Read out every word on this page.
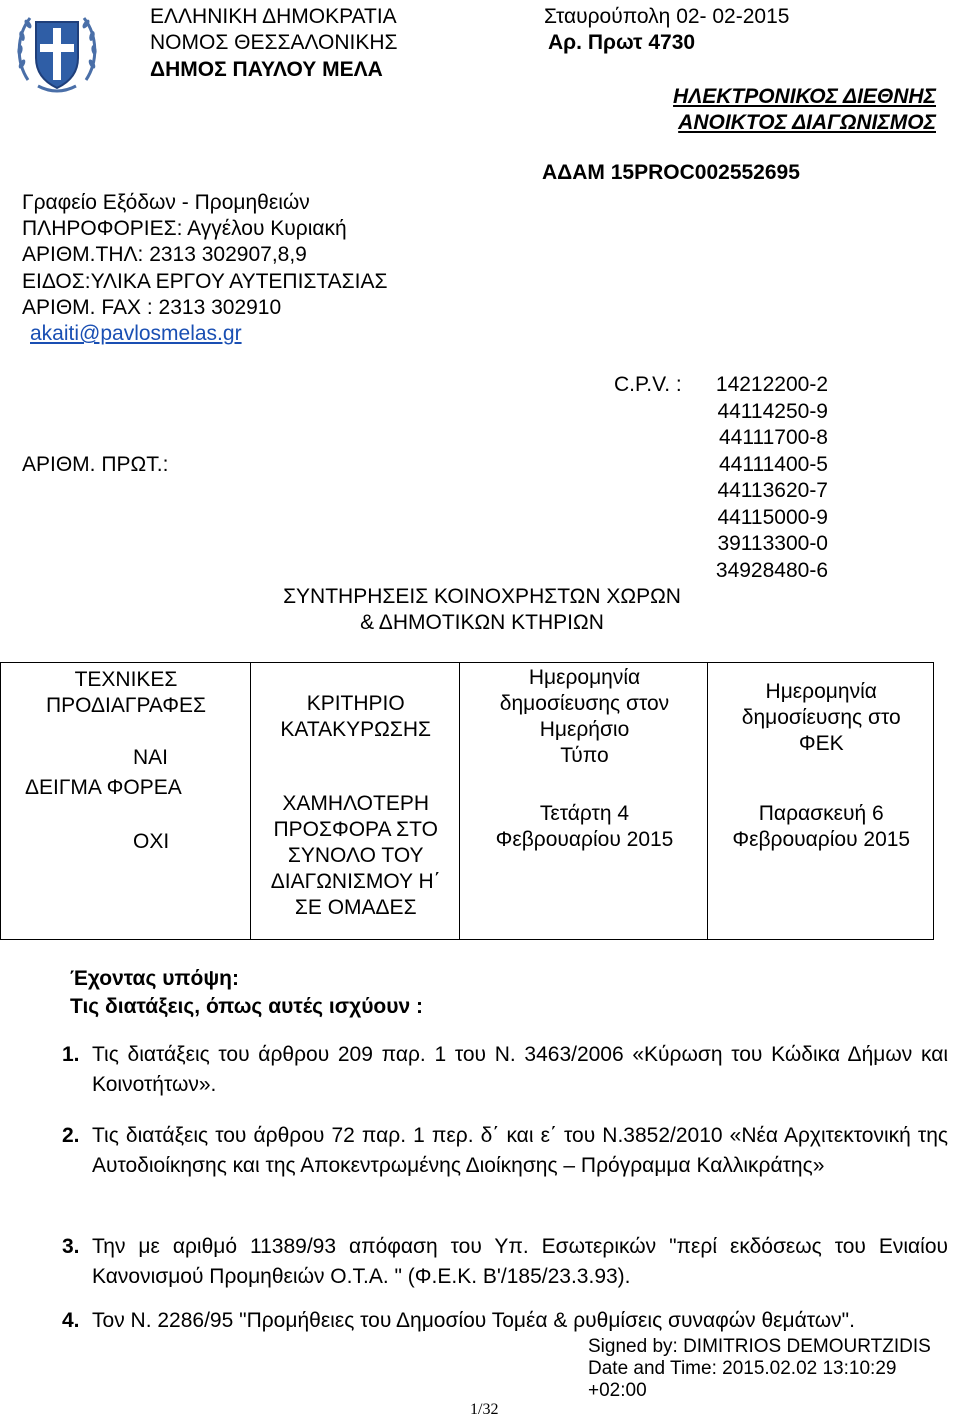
ΕΛΛΗΝΙΚΗ ΔΗΜΟΚΡΑΤΙΑ
ΝΟΜΟΣ ΘΕΣΣΑΛΟΝΙΚΗΣ
ΔΗΜΟΣ ΠΑΥΛΟΥ ΜΕΛΑ
Σταυρούπολη 02- 02-2015
Αρ. Πρωτ 4730
ΗΛΕΚΤΡΟΝΙΚΟΣ ΔΙΕΘΝΗΣ
ΑΝΟΙΚΤΟΣ ΔΙΑΓΩΝΙΣΜΟΣ
ΑΔΑΜ 15PROC002552695
Γραφείο Εξόδων - Προμηθειών
ΠΛΗΡΟΦΟΡΙΕΣ: Αγγέλου Κυριακή
ΑΡΙΘΜ.ΤΗΛ: 2313 302907,8,9
ΕΙΔΟΣ:ΥΛΙΚΑ ΕΡΓΟΥ ΑΥΤΕΠΙΣΤΑΣΙΑΣ
ΑΡΙΘΜ. FAX : 2313 302910
akaiti@pavlosmelas.gr
C.P.V. : 14212200-2
44114250-9
44111700-8
44111400-5
44113620-7
44115000-9
39113300-0
34928480-6
ΑΡΙΘΜ. ΠΡΩΤ.:
ΣΥΝΤΗΡΗΣΕΙΣ ΚΟΙΝΟΧΡΗΣΤΩΝ ΧΩΡΩΝ
& ΔΗΜΟΤΙΚΩΝ ΚΤΗΡΙΩΝ
ΤΕΧΝΙΚΕΣ
ΠΡΟΔΙΑΓΡΑΦΕΣ
ΝΑΙ
ΔΕΙΓΜΑ ΦΟΡΕΑ
ΟΧΙ

ΚΡΙΤΗΡΙΟ
ΚΑΤΑΚΥΡΩΣΗΣ
ΧΑΜΗΛΟΤΕΡΗ
ΠΡΟΣΦΟΡΑ ΣΤΟ
ΣΥΝΟΛΟ ΤΟΥ
ΔΙΑΓΩΝΙΣΜΟΥ Η΄
ΣΕ ΟΜΑΔΕΣ

Ημερομηνία
δημοσίευσης στον
Ημερήσιο
Τύπο
Τετάρτη 4
Φεβρουαρίου 2015

Ημερομηνία
δημοσίευσης στο
ΦΕΚ
Παρασκευή 6
Φεβρουαρίου 2015
Έχοντας υπόψη:
Τις διατάξεις, όπως αυτές ισχύουν :
1. Τις διατάξεις του άρθρου 209 παρ. 1 του Ν. 3463/2006 «Κύρωση του Κώδικα Δήμων και Κοινοτήτων».
2. Τις διατάξεις του άρθρου 72 παρ. 1 περ. δ΄ και ε΄ του Ν.3852/2010 «Νέα Αρχιτεκτονική της Αυτοδιοίκησης και της Αποκεντρωμένης Διοίκησης – Πρόγραμμα Καλλικράτης»
3. Την με αριθμό 11389/93 απόφαση του Υπ. Εσωτερικών "περί εκδόσεως του Ενιαίου Κανονισμού Προμηθειών Ο.Τ.Α. " (Φ.Ε.Κ. Β'/185/23.3.93).
4. Τον Ν. 2286/95 "Προμήθειες του Δημοσίου Τομέα & ρυθμίσεις συναφών θεμάτων".
Signed by: DIMITRIOS DEMOURTZIDIS
Date and Time: 2015.02.02 13:10:29
+02:00
1/32
